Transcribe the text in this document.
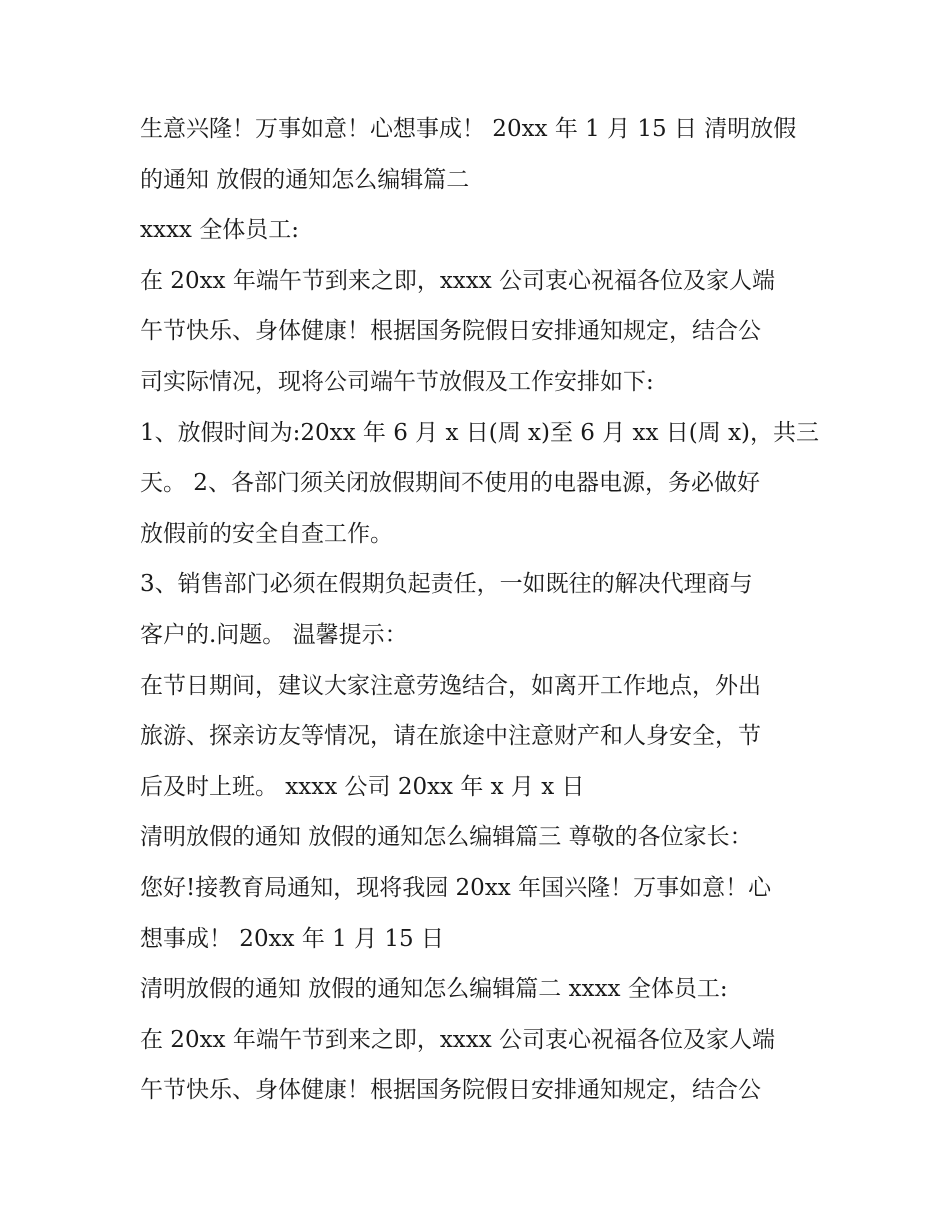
生意兴隆！万事如意！心想事成！ 20xx 年 1 月 15 日 清明放假
的通知 放假的通知怎么编辑篇二
xxxx 全体员工:
在 20xx 年端午节到来之即，xxxx 公司衷心祝福各位及家人端
午节快乐、身体健康！根据国务院假日安排通知规定，结合公
司实际情况，现将公司端午节放假及工作安排如下:
1、放假时间为:20xx 年 6 月 x 日(周 x)至 6 月 xx 日(周 x)，共三
天。 2、各部门须关闭放假期间不使用的电器电源，务必做好
放假前的安全自查工作。
3、销售部门必须在假期负起责任，一如既往的解决代理商与
客户的.问题。 温馨提示：
在节日期间，建议大家注意劳逸结合，如离开工作地点，外出
旅游、探亲访友等情况，请在旅途中注意财产和人身安全，节
后及时上班。 xxxx 公司 20xx 年 x 月 x 日
清明放假的通知 放假的通知怎么编辑篇三 尊敬的各位家长：
您好!接教育局通知，现将我园 20xx 年国兴隆！万事如意！心
想事成！ 20xx 年 1 月 15 日
清明放假的通知 放假的通知怎么编辑篇二 xxxx 全体员工:
在 20xx 年端午节到来之即，xxxx 公司衷心祝福各位及家人端
午节快乐、身体健康！根据国务院假日安排通知规定，结合公
